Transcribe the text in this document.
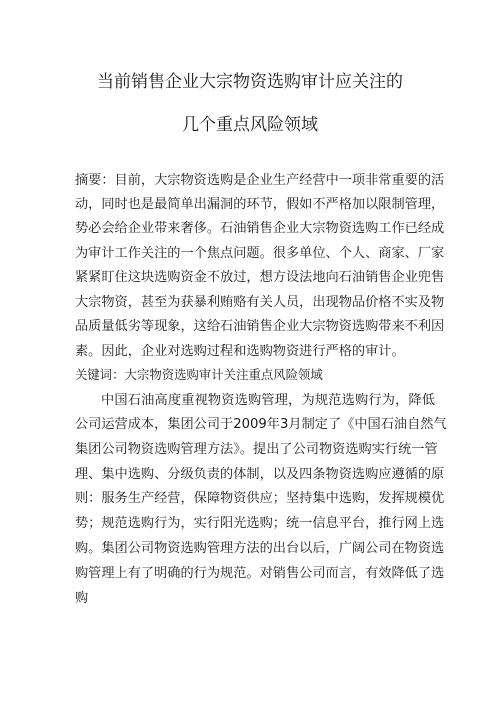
当前销售企业大宗物资选购审计应关注的
几个重点风险领域
摘要：目前，大宗物资选购是企业生产经营中一项非常重要的活
动，同时也是最简单出漏洞的环节，假如不严格加以限制管理，
势必会给企业带来奢侈。石油销售企业大宗物资选购工作已经成
为审计工作关注的一个焦点问题。很多单位、个人、商家、厂家
紧紧盯住这块选购资金不放过，想方设法地向石油销售企业兜售
大宗物资，甚至为获暴利贿赂有关人员，出现物品价格不实及物
品质量低劣等现象，这给石油销售企业大宗物资选购带来不利因
素。因此，企业对选购过程和选购物资进行严格的审计。
关键词：大宗物资选购审计关注重点风险领域
中国石油高度重视物资选购管理，为规范选购行为，降低
公司运营成本，集团公司于2009年3月制定了《中国石油自然气
集团公司物资选购管理方法》。提出了公司物资选购实行统一管
理、集中选购、分级负责的体制，以及四条物资选购应遵循的原
则：服务生产经营，保障物资供应；坚持集中选购，发挥规模优
势；规范选购行为，实行阳光选购；统一信息平台，推行网上选
购。集团公司物资选购管理方法的出台以后，广阔公司在物资选
购管理上有了明确的行为规范。对销售公司而言，有效降低了选
购
